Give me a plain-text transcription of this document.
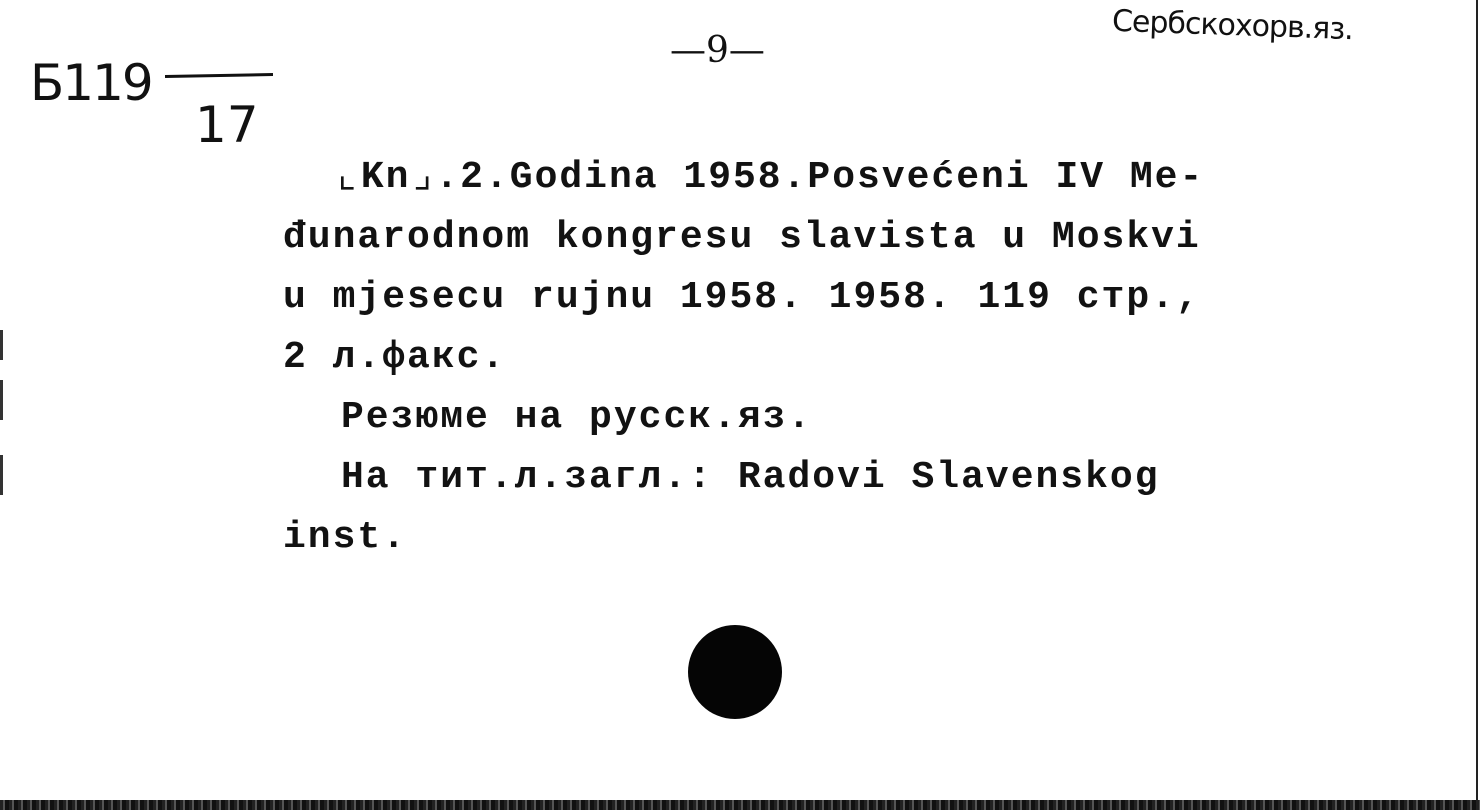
Б119
17
—9—
Сербскохорв.яз.
⌞Kn⌟.2.Godina 1958.Posvećeni IV Me-
đunarodnom kongresu slavista u Moskvi
u mjesecu rujnu 1958. 1958. 119 стр.,
2 л.факс.
Резюме на русск.яз.
На тит.л.загл.: Radovi Slavenskog
inst.
